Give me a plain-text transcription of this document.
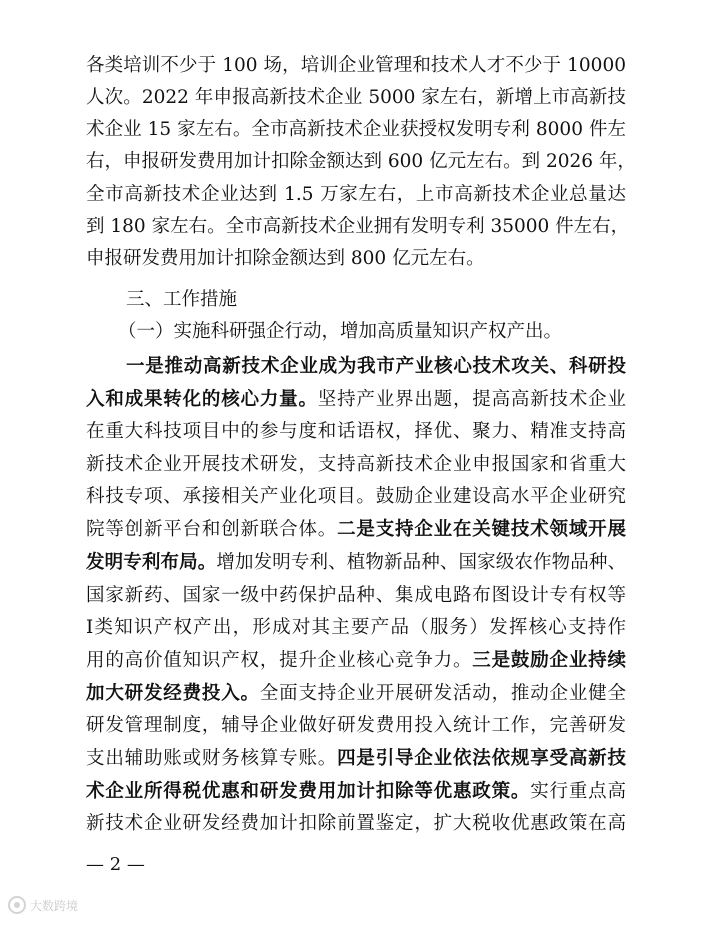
各类培训不少于 100 场，培训企业管理和技术人才不少于 10000
人次。2022 年申报高新技术企业 5000 家左右，新增上市高新技
术企业 15 家左右。全市高新技术企业获授权发明专利 8000 件左
右，申报研发费用加计扣除金额达到 600 亿元左右。到 2026 年，
全市高新技术企业达到 1.5 万家左右，上市高新技术企业总量达
到 180 家左右。全市高新技术企业拥有发明专利 35000 件左右，
申报研发费用加计扣除金额达到 800 亿元左右。
三、工作措施
（一）实施科研强企行动，增加高质量知识产权产出。
一是推动高新技术企业成为我市产业核心技术攻关、科研投
入和成果转化的核心力量。坚持产业界出题，提高高新技术企业
在重大科技项目中的参与度和话语权，择优、聚力、精准支持高
新技术企业开展技术研发，支持高新技术企业申报国家和省重大
科技专项、承接相关产业化项目。鼓励企业建设高水平企业研究
院等创新平台和创新联合体。二是支持企业在关键技术领域开展
发明专利布局。增加发明专利、植物新品种、国家级农作物品种、
国家新药、国家一级中药保护品种、集成电路布图设计专有权等
Ⅰ类知识产权产出，形成对其主要产品（服务）发挥核心支持作
用的高价值知识产权，提升企业核心竞争力。三是鼓励企业持续
加大研发经费投入。全面支持企业开展研发活动，推动企业健全
研发管理制度，辅导企业做好研发费用投入统计工作，完善研发
支出辅助账或财务核算专账。四是引导企业依法依规享受高新技
术企业所得税优惠和研发费用加计扣除等优惠政策。实行重点高
新技术企业研发经费加计扣除前置鉴定，扩大税收优惠政策在高
— 2 —
大数跨境
